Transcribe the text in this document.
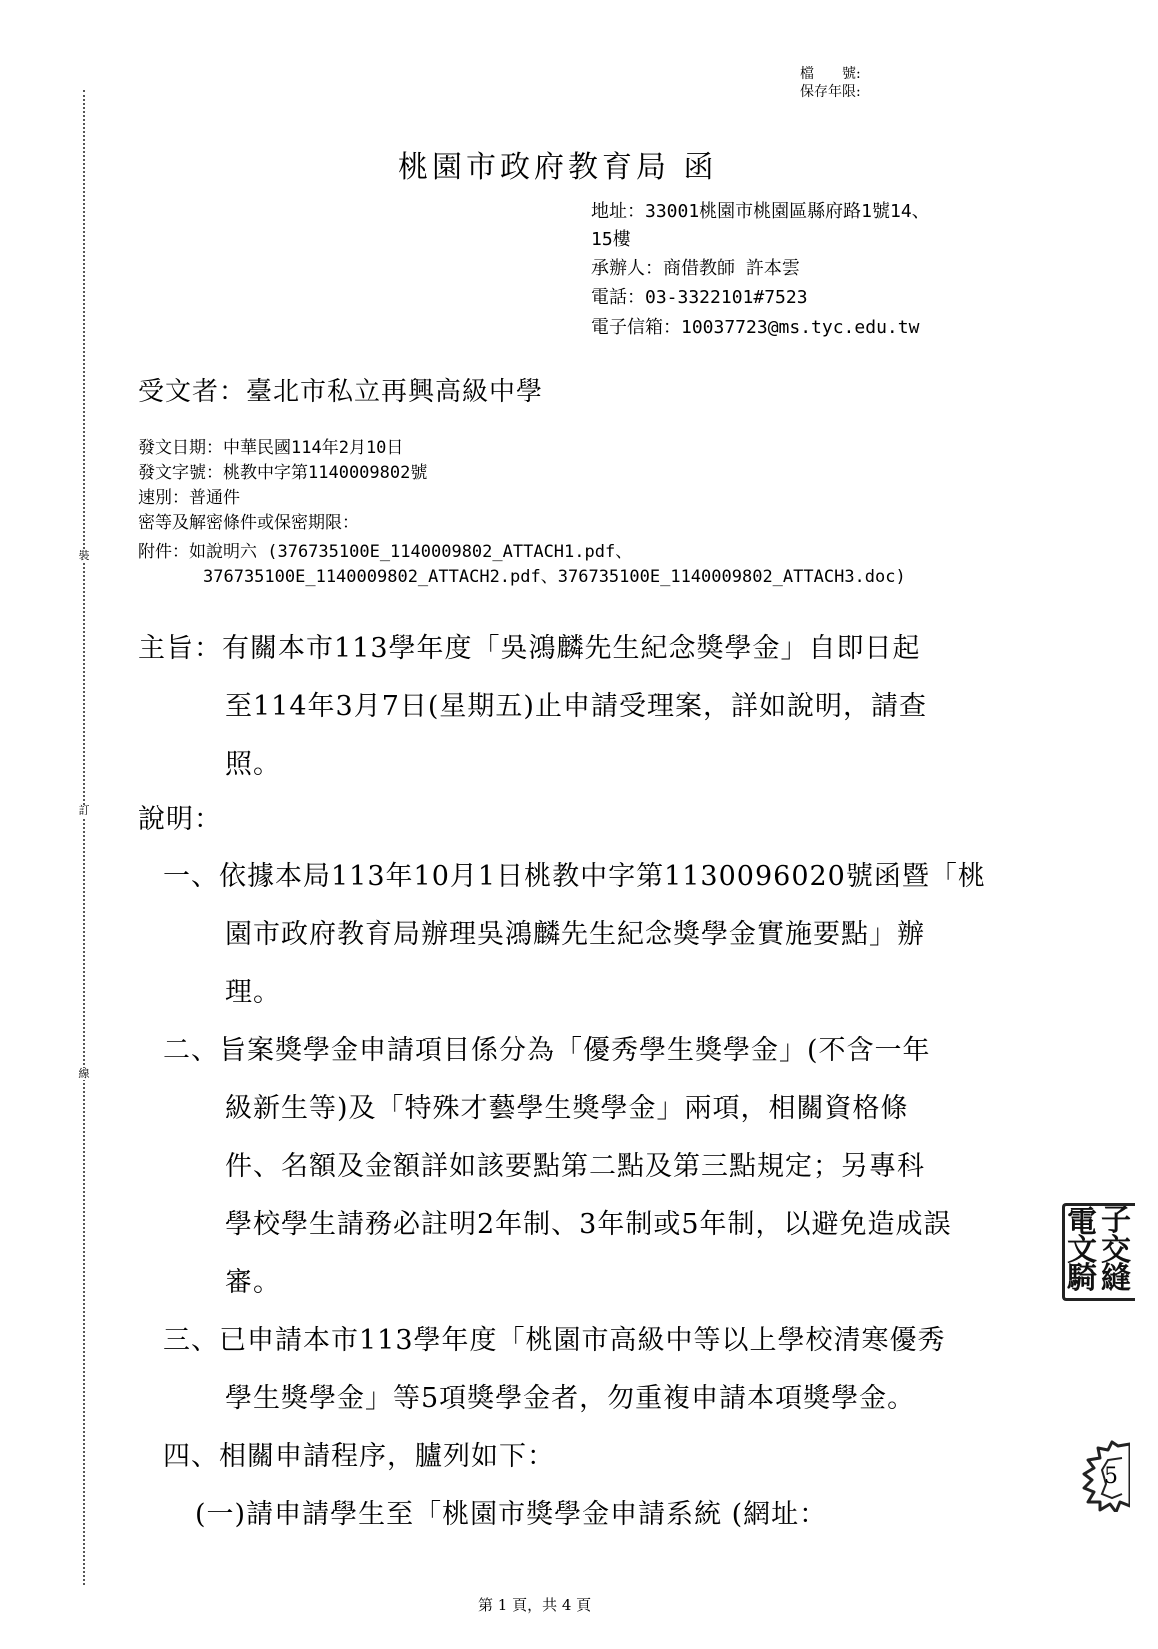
裝
訂
線
檔　　號:
保存年限:
桃園市政府教育局 函
地址：33001桃園市桃園區縣府路1號14、
15樓
承辦人：商借教師 許本雲
電話：03-3322101#7523
電子信箱：10037723@ms.tyc.edu.tw
受文者：臺北市私立再興高級中學
發文日期：中華民國114年2月10日
發文字號：桃教中字第1140009802號
速別：普通件
密等及解密條件或保密期限：
附件：如說明六 (376735100E_1140009802_ATTACH1.pdf、
376735100E_1140009802_ATTACH2.pdf、376735100E_1140009802_ATTACH3.doc)
主旨：有關本市113學年度「吳鴻麟先生紀念獎學金」自即日起
至114年3月7日(星期五)止申請受理案，詳如說明，請查
照。
說明：
一、依據本局113年10月1日桃教中字第1130096020號函暨「桃
園市政府教育局辦理吳鴻麟先生紀念獎學金實施要點」辦
理。
二、旨案獎學金申請項目係分為「優秀學生獎學金」(不含一年
級新生等)及「特殊才藝學生獎學金」兩項，相關資格條
件、名額及金額詳如該要點第二點及第三點規定；另專科
學校學生請務必註明2年制、3年制或5年制，以避免造成誤
審。
三、已申請本市113學年度「桃園市高級中等以上學校清寒優秀
學生獎學金」等5項獎學金者，勿重複申請本項獎學金。
四、相關申請程序，臚列如下：
(一)請申請學生至「桃園市獎學金申請系統 (網址：
電 子
文 交
騎 縫
5
第 1 頁，共 4 頁
